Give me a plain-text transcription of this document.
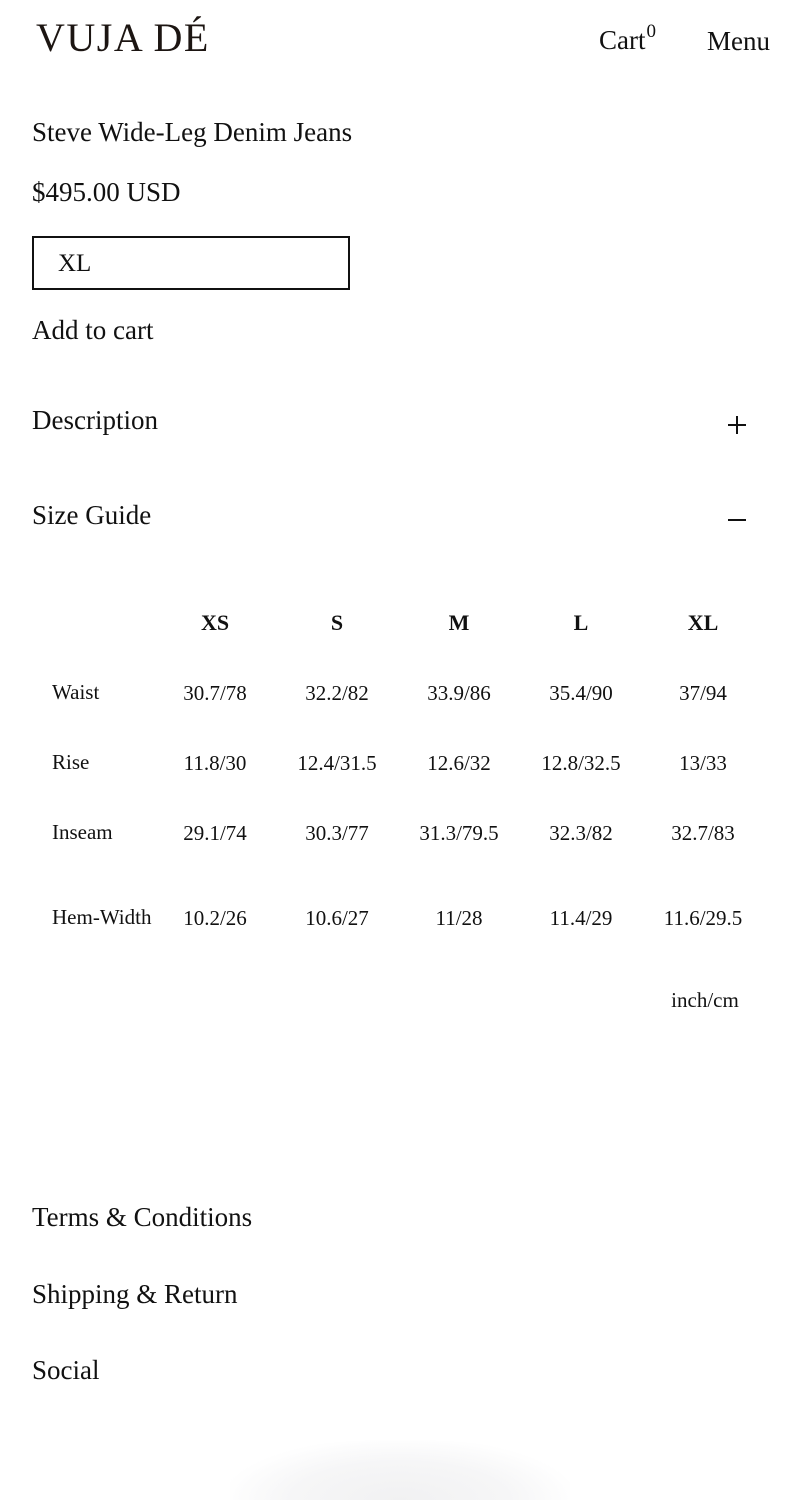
VUJA DÉ	Cart$^0$ Menu
Steve Wide-Leg Denim Jeans
$495.00 USD
XL
Add to cart
Description
Size Guide
	XS	S	M	L	XL
Waist	30.7/78	32.2/82	33.9/86	35.4/90	37/94
Rise	11.8/30	12.4/31.5	12.6/32	12.8/32.5	13/33
Inseam	29.1/74	30.3/77	31.3/79.5	32.3/82	32.7/83
Hem-Width	10.2/26	10.6/27	11/28	11.4/29	11.6/29.5
inch/cm
Terms & Conditions
Shipping & Return
Social
